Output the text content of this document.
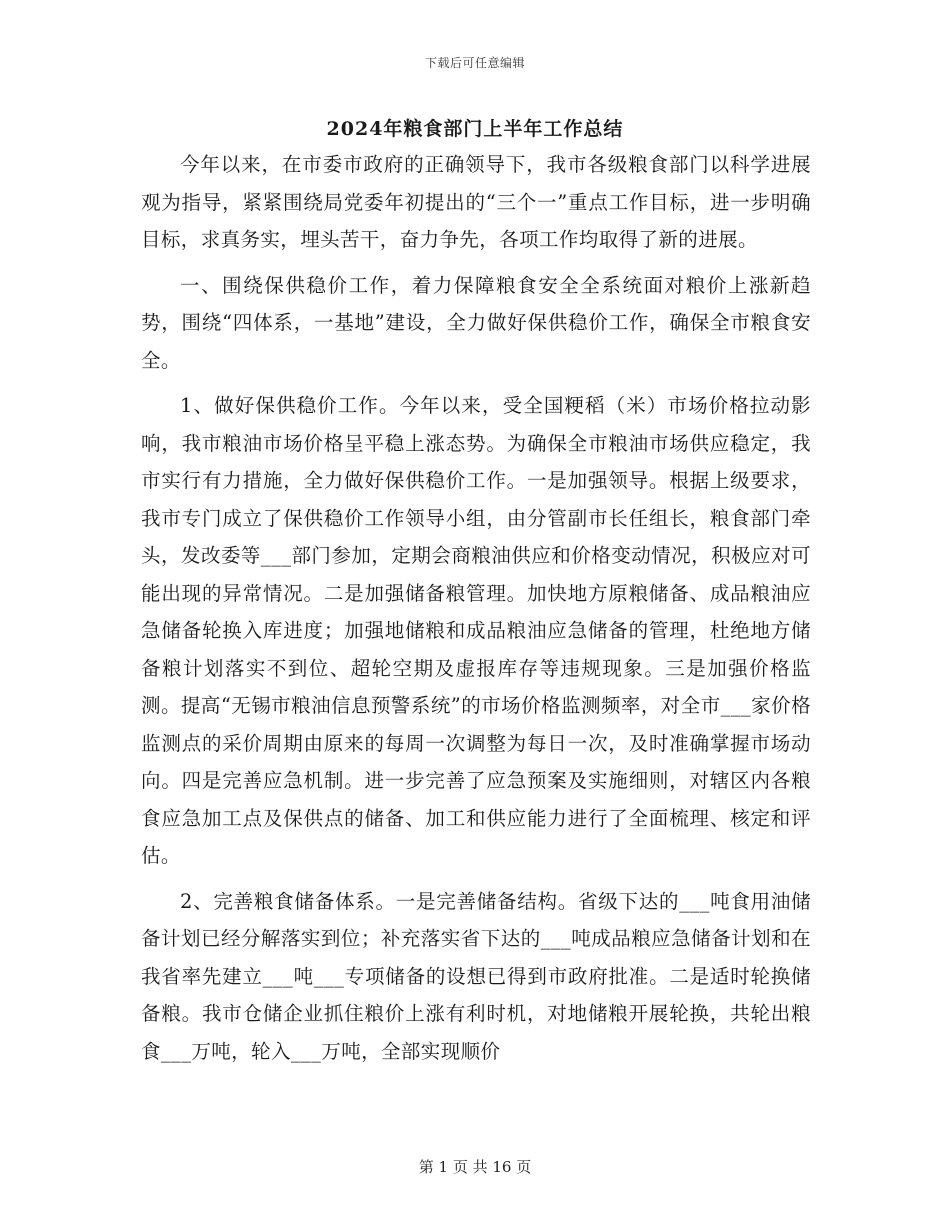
下载后可任意编辑
2024年粮食部门上半年工作总结

今年以来，在市委市政府的正确领导下，我市各级粮食部门以科学进展观为指导，紧紧围绕局党委年初提出的“三个一”重点工作目标，进一步明确目标，求真务实，埋头苦干，奋力争先，各项工作均取得了新的进展。

一、围绕保供稳价工作，着力保障粮食安全全系统面对粮价上涨新趋势，围绕“四体系，一基地”建设，全力做好保供稳价工作，确保全市粮食安全。

1、做好保供稳价工作。今年以来，受全国粳稻（米）市场价格拉动影响，我市粮油市场价格呈平稳上涨态势。为确保全市粮油市场供应稳定，我市实行有力措施，全力做好保供稳价工作。一是加强领导。根据上级要求，我市专门成立了保供稳价工作领导小组，由分管副市长任组长，粮食部门牵头，发改委等___部门参加，定期会商粮油供应和价格变动情况，积极应对可能出现的异常情况。二是加强储备粮管理。加快地方原粮储备、成品粮油应急储备轮换入库进度；加强地储粮和成品粮油应急储备的管理，杜绝地方储备粮计划落实不到位、超轮空期及虚报库存等违规现象。三是加强价格监测。提高“无锡市粮油信息预警系统”的市场价格监测频率，对全市___家价格监测点的采价周期由原来的每周一次调整为每日一次，及时准确掌握市场动向。四是完善应急机制。进一步完善了应急预案及实施细则，对辖区内各粮食应急加工点及保供点的储备、加工和供应能力进行了全面梳理、核定和评估。

2、完善粮食储备体系。一是完善储备结构。省级下达的___吨食用油储备计划已经分解落实到位；补充落实省下达的___吨成品粮应急储备计划和在我省率先建立___吨___专项储备的设想已得到市政府批准。二是适时轮换储备粮。我市仓储企业抓住粮价上涨有利时机，对地储粮开展轮换，共轮出粮食___万吨，轮入___万吨，全部实现顺价

第 1 页 共 16 页
